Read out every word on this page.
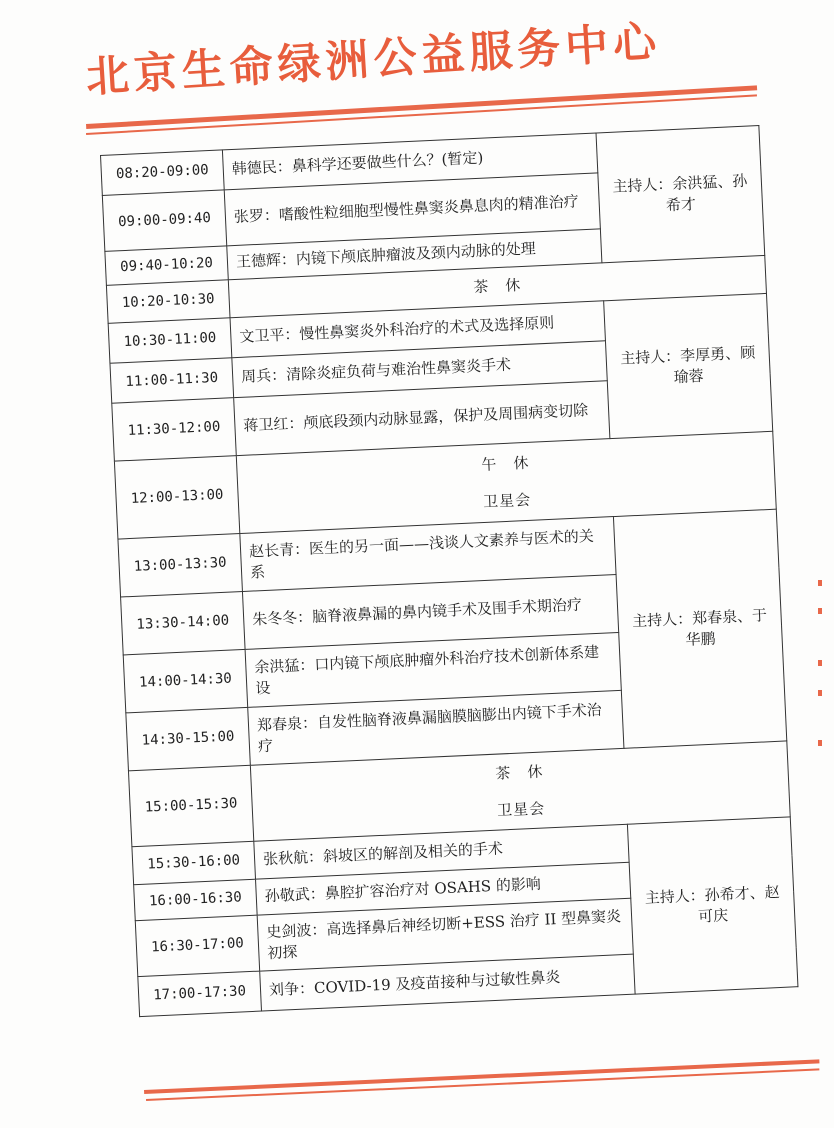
北京生命绿洲公益服务中心
08:20-09:00	韩德民：鼻科学还要做些什么？(暂定)	主持人：余洪猛、孙希才
09:00-09:40	张罗：嗜酸性粒细胞型慢性鼻窦炎鼻息肉的精准治疗	
09:40-10:20	王德辉：内镜下颅底肿瘤波及颈内动脉的处理	
10:20-10:30	茶　休	

10:30-11:00	文卫平：慢性鼻窦炎外科治疗的术式及选择原则	主持人：李厚勇、顾瑜蓉
11:00-11:30	周兵：清除炎症负荷与难治性鼻窦炎手术	
11:30-12:00	蒋卫红：颅底段颈内动脉显露，保护及周围病变切除	
12:00-13:00	午　休
卫星会	

13:00-13:30	赵长青：医生的另一面——浅谈人文素养与医术的关系	主持人：郑春泉、于华鹏
13:30-14:00	朱冬冬：脑脊液鼻漏的鼻内镜手术及围手术期治疗	
14:00-14:30	余洪猛：口内镜下颅底肿瘤外科治疗技术创新体系建设	
14:30-15:00	郑春泉：自发性脑脊液鼻漏脑膜脑膨出内镜下手术治疗	
15:00-15:30	茶　休
卫星会	

15:30-16:00	张秋航：斜坡区的解剖及相关的手术	主持人：孙希才、赵可庆
16:00-16:30	孙敬武：鼻腔扩容治疗对 OSAHS 的影响	
16:30-17:00	史剑波：高选择鼻后神经切断+ESS 治疗 II 型鼻窦炎初探	
17:00-17:30	刘争：COVID-19 及疫苗接种与过敏性鼻炎	
